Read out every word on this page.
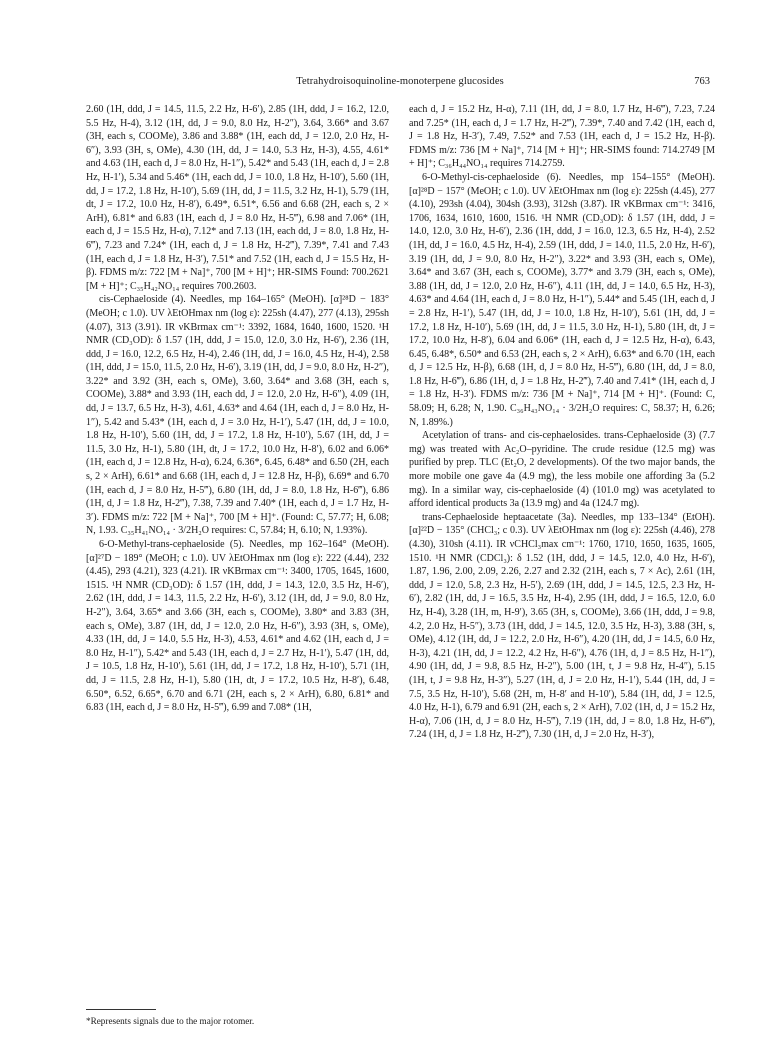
Tetrahydroisoquinoline-monoterpene glucosides	763

2.60 (1H, ddd, J = 14.5, 11.5, 2.2 Hz, H-6′), 2.85 (1H, ddd, J = 16.2, 12.0, 5.5 Hz, H-4), 3.12 (1H, dd, J = 9.0, 8.0 Hz, H-2″), 3.64, 3.66* and 3.67 (3H, each s, COOMe), 3.86 and 3.88* (1H, each dd, J = 12.0, 2.0 Hz, H-6″), 3.93 (3H, s, OMe), 4.30 (1H, dd, J = 14.0, 5.3 Hz, H-3), 4.55, 4.61* and 4.63 (1H, each d, J = 8.0 Hz, H-1″), 5.42* and 5.43 (1H, each d, J = 2.8 Hz, H-1′), 5.34 and 5.46* (1H, each dd, J = 10.0, 1.8 Hz, H-10′), 5.60 (1H, dd, J = 17.2, 1.8 Hz, H-10′), 5.69 (1H, dd, J = 11.5, 3.2 Hz, H-1), 5.79 (1H, dt, J = 17.2, 10.0 Hz, H-8′), 6.49*, 6.51*, 6.56 and 6.68 (2H, each s, 2 × ArH), 6.81* and 6.83 (1H, each d, J = 8.0 Hz, H-5‴), 6.98 and 7.06* (1H, each d, J = 15.5 Hz, H-α), 7.12* and 7.13 (1H, each dd, J = 8.0, 1.8 Hz, H-6‴), 7.23 and 7.24* (1H, each d, J = 1.8 Hz, H-2‴), 7.39*, 7.41 and 7.43 (1H, each d, J = 1.8 Hz, H-3′), 7.51* and 7.52 (1H, each d, J = 15.5 Hz, H-β). FDMS m/z: 722 [M + Na]⁺, 700 [M + H]⁺; HR-SIMS Found: 700.2621 [M + H]⁺; C₃₅H₄₂NO₁₄ requires 700.2603.

cis-Cephaeloside (4). Needles, mp 164–165° (MeOH). [α]²⁸D − 183° (MeOH; c 1.0). UV λEtOHmax nm (log ε): 225sh (4.47), 277 (4.13), 295sh (4.07), 313 (3.91). IR νKBrmax cm⁻¹: 3392, 1684, 1640, 1600, 1520. ¹H NMR (CD₃OD): δ 1.57 (1H, ddd, J = 15.0, 12.0, 3.0 Hz, H-6′), 2.36 (1H, ddd, J = 16.0, 12.2, 6.5 Hz, H-4), 2.46 (1H, dd, J = 16.0, 4.5 Hz, H-4), 2.58 (1H, ddd, J = 15.0, 11.5, 2.0 Hz, H-6′), 3.19 (1H, dd, J = 9.0, 8.0 Hz, H-2″), 3.22* and 3.92 (3H, each s, OMe), 3.60, 3.64* and 3.68 (3H, each s, COOMe), 3.88* and 3.93 (1H, each dd, J = 12.0, 2.0 Hz, H-6″), 4.09 (1H, dd, J = 13.7, 6.5 Hz, H-3), 4.61, 4.63* and 4.64 (1H, each d, J = 8.0 Hz, H-1″), 5.42 and 5.43* (1H, each d, J = 3.0 Hz, H-1′), 5.47 (1H, dd, J = 10.0, 1.8 Hz, H-10′), 5.60 (1H, dd, J = 17.2, 1.8 Hz, H-10′), 5.67 (1H, dd, J = 11.5, 3.0 Hz, H-1), 5.80 (1H, dt, J = 17.2, 10.0 Hz, H-8′), 6.02 and 6.06* (1H, each d, J = 12.8 Hz, H-α), 6.24, 6.36*, 6.45, 6.48* and 6.50 (2H, each s, 2 × ArH), 6.61* and 6.68 (1H, each d, J = 12.8 Hz, H-β), 6.69* and 6.70 (1H, each d, J = 8.0 Hz, H-5‴), 6.80 (1H, dd, J = 8.0, 1.8 Hz, H-6‴), 6.86 (1H, d, J = 1.8 Hz, H-2‴), 7.38, 7.39 and 7.40* (1H, each d, J = 1.7 Hz, H-3′). FDMS m/z: 722 [M + Na]⁺, 700 [M + H]⁺. (Found: C, 57.77; H, 6.08; N, 1.93. C₃₅H₄₁NO₁₄ · 3/2H₂O requires: C, 57.84; H, 6.10; N, 1.93%).

6-O-Methyl-trans-cephaeloside (5). Needles, mp 162–164° (MeOH). [α]²⁷D − 189° (MeOH; c 1.0). UV λEtOHmax nm (log ε): 222 (4.44), 232 (4.45), 293 (4.21), 323 (4.21). IR νKBrmax cm⁻¹: 3400, 1705, 1645, 1600, 1515. ¹H NMR (CD₃OD): δ 1.57 (1H, ddd, J = 14.3, 12.0, 3.5 Hz, H-6′), 2.62 (1H, ddd, J = 14.3, 11.5, 2.2 Hz, H-6′), 3.12 (1H, dd, J = 9.0, 8.0 Hz, H-2″), 3.64, 3.65* and 3.66 (3H, each s, COOMe), 3.80* and 3.83 (3H, each s, OMe), 3.87 (1H, dd, J = 12.0, 2.0 Hz, H-6″), 3.93 (3H, s, OMe), 4.33 (1H, dd, J = 14.0, 5.5 Hz, H-3), 4.53, 4.61* and 4.62 (1H, each d, J = 8.0 Hz, H-1″), 5.42* and 5.43 (1H, each d, J = 2.7 Hz, H-1′), 5.47 (1H, dd, J = 10.5, 1.8 Hz, H-10′), 5.61 (1H, dd, J = 17.2, 1.8 Hz, H-10′), 5.71 (1H, dd, J = 11.5, 2.8 Hz, H-1), 5.80 (1H, dt, J = 17.2, 10.5 Hz, H-8′), 6.48, 6.50*, 6.52, 6.65*, 6.70 and 6.71 (2H, each s, 2 × ArH), 6.80, 6.81* and 6.83 (1H, each d, J = 8.0 Hz, H-5‴), 6.99 and 7.08* (1H,

each d, J = 15.2 Hz, H-α), 7.11 (1H, dd, J = 8.0, 1.7 Hz, H-6‴), 7.23, 7.24 and 7.25* (1H, each d, J = 1.7 Hz, H-2‴), 7.39*, 7.40 and 7.42 (1H, each d, J = 1.8 Hz, H-3′), 7.49, 7.52* and 7.53 (1H, each d, J = 15.2 Hz, H-β). FDMS m/z: 736 [M + Na]⁺, 714 [M + H]⁺; HR-SIMS found: 714.2749 [M + H]⁺; C₃₆H₄₄NO₁₄ requires 714.2759.

6-O-Methyl-cis-cephaeloside (6). Needles, mp 154–155° (MeOH). [α]²⁸D − 157° (MeOH; c 1.0). UV λEtOHmax nm (log ε): 225sh (4.45), 277 (4.10), 293sh (4.04), 304sh (3.93), 312sh (3.87). IR νKBrmax cm⁻¹: 3416, 1706, 1634, 1610, 1600, 1516. ¹H NMR (CD₃OD): δ 1.57 (1H, ddd, J = 14.0, 12.0, 3.0 Hz, H-6′), 2.36 (1H, ddd, J = 16.0, 12.3, 6.5 Hz, H-4), 2.52 (1H, dd, J = 16.0, 4.5 Hz, H-4), 2.59 (1H, ddd, J = 14.0, 11.5, 2.0 Hz, H-6′), 3.19 (1H, dd, J = 9.0, 8.0 Hz, H-2″), 3.22* and 3.93 (3H, each s, OMe), 3.64* and 3.67 (3H, each s, COOMe), 3.77* and 3.79 (3H, each s, OMe), 3.88 (1H, dd, J = 12.0, 2.0 Hz, H-6″), 4.11 (1H, dd, J = 14.0, 6.5 Hz, H-3), 4.63* and 4.64 (1H, each d, J = 8.0 Hz, H-1″), 5.44* and 5.45 (1H, each d, J = 2.8 Hz, H-1′), 5.47 (1H, dd, J = 10.0, 1.8 Hz, H-10′), 5.61 (1H, dd, J = 17.2, 1.8 Hz, H-10′), 5.69 (1H, dd, J = 11.5, 3.0 Hz, H-1), 5.80 (1H, dt, J = 17.2, 10.0 Hz, H-8′), 6.04 and 6.06* (1H, each d, J = 12.5 Hz, H-α), 6.43, 6.45, 6.48*, 6.50* and 6.53 (2H, each s, 2 × ArH), 6.63* and 6.70 (1H, each d, J = 12.5 Hz, H-β), 6.68 (1H, d, J = 8.0 Hz, H-5‴), 6.80 (1H, dd, J = 8.0, 1.8 Hz, H-6‴), 6.86 (1H, d, J = 1.8 Hz, H-2‴), 7.40 and 7.41* (1H, each d, J = 1.8 Hz, H-3′). FDMS m/z: 736 [M + Na]⁺, 714 [M + H]⁺. (Found: C, 58.09; H, 6.28; N, 1.90. C₃₆H₄₃NO₁₄ · 3/2H₂O requires: C, 58.37; H, 6.26; N, 1.89%.)

Acetylation of trans- and cis-cephaelosides. trans-Cephaeloside (3) (7.7 mg) was treated with Ac₂O–pyridine. The crude residue (12.5 mg) was purified by prep. TLC (Et₂O, 2 developments). Of the two major bands, the more mobile one gave 4a (4.9 mg), the less mobile one affording 3a (5.2 mg). In a similar way, cis-cephaeloside (4) (101.0 mg) was acetylated to afford identical products 3a (13.9 mg) and 4a (124.7 mg).

trans-Cephaeloside heptaacetate (3a). Needles, mp 133–134° (EtOH). [α]²²D − 135° (CHCl₃; c 0.3). UV λEtOHmax nm (log ε): 225sh (4.46), 278 (4.30), 310sh (4.11). IR νCHCl₃max cm⁻¹: 1760, 1710, 1650, 1635, 1605, 1510. ¹H NMR (CDCl₃): δ 1.52 (1H, ddd, J = 14.5, 12.0, 4.0 Hz, H-6′), 1.87, 1.96, 2.00, 2.09, 2.26, 2.27 and 2.32 (21H, each s, 7 × Ac), 2.61 (1H, ddd, J = 12.0, 5.8, 2.3 Hz, H-5′), 2.69 (1H, ddd, J = 14.5, 12.5, 2.3 Hz, H-6′), 2.82 (1H, dd, J = 16.5, 3.5 Hz, H-4), 2.95 (1H, ddd, J = 16.5, 12.0, 6.0 Hz, H-4), 3.28 (1H, m, H-9′), 3.65 (3H, s, COOMe), 3.66 (1H, ddd, J = 9.8, 4.2, 2.0 Hz, H-5″), 3.73 (1H, ddd, J = 14.5, 12.0, 3.5 Hz, H-3), 3.88 (3H, s, OMe), 4.12 (1H, dd, J = 12.2, 2.0 Hz, H-6″), 4.20 (1H, dd, J = 14.5, 6.0 Hz, H-3), 4.21 (1H, dd, J = 12.2, 4.2 Hz, H-6″), 4.76 (1H, d, J = 8.5 Hz, H-1″), 4.90 (1H, dd, J = 9.8, 8.5 Hz, H-2″), 5.00 (1H, t, J = 9.8 Hz, H-4″), 5.15 (1H, t, J = 9.8 Hz, H-3″), 5.27 (1H, d, J = 2.0 Hz, H-1′), 5.44 (1H, dd, J = 7.5, 3.5 Hz, H-10′), 5.68 (2H, m, H-8′ and H-10′), 5.84 (1H, dd, J = 12.5, 4.0 Hz, H-1), 6.79 and 6.91 (2H, each s, 2 × ArH), 7.02 (1H, d, J = 15.2 Hz, H-α), 7.06 (1H, d, J = 8.0 Hz, H-5‴), 7.19 (1H, dd, J = 8.0, 1.8 Hz, H-6‴), 7.24 (1H, d, J = 1.8 Hz, H-2‴), 7.30 (1H, d, J = 2.0 Hz, H-3′),

*Represents signals due to the major rotomer.
